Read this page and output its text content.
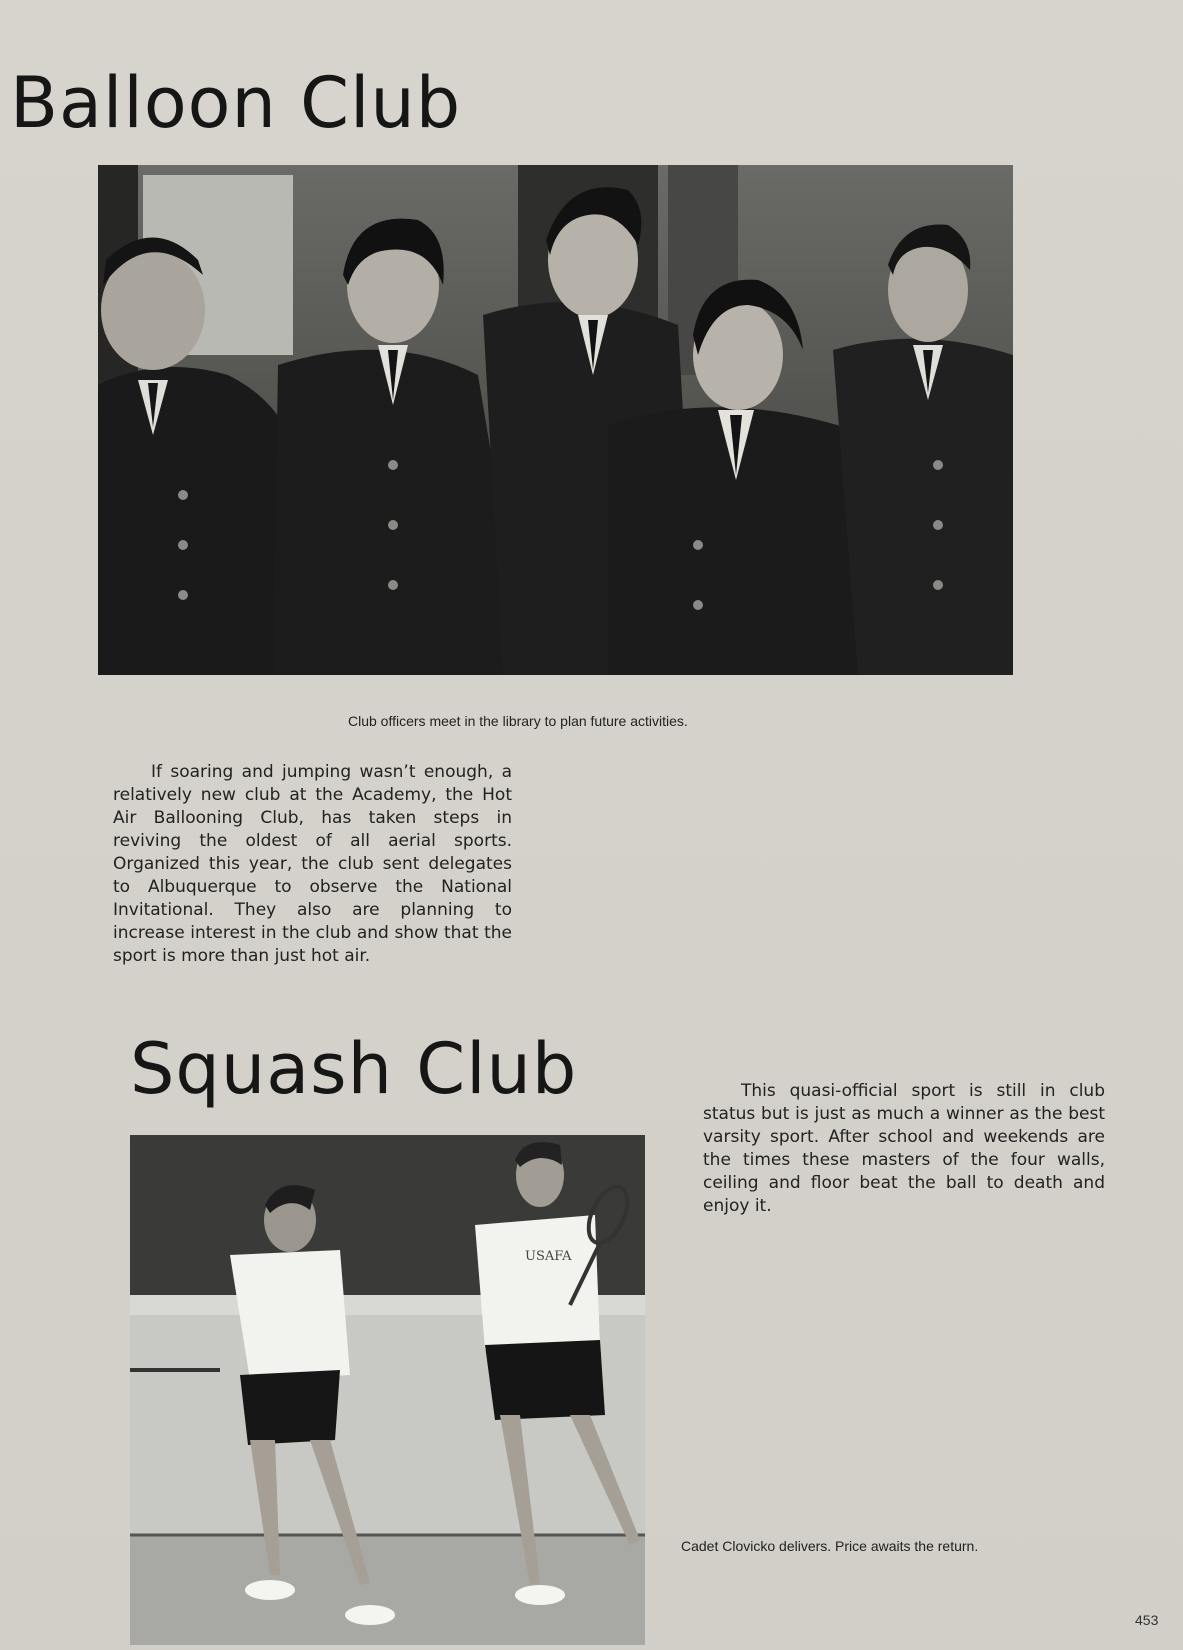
Balloon Club
Club officers meet in the library to plan future activities.

If soaring and jumping wasn’t enough, a relatively new club at the Academy, the Hot Air Ballooning Club, has taken steps in reviving the oldest of all aerial sports. Organized this year, the club sent delegates to Albuquerque to observe the National Invitational. They also are planning to increase interest in the club and show that the sport is more than just hot air.

Squash Club
USAFA

This quasi-official sport is still in club status but is just as much a winner as the best varsity sport. After school and weekends are the times these masters of the four walls, ceiling and floor beat the ball to death and enjoy it.

Cadet Clovicko delivers. Price awaits the return.
453
